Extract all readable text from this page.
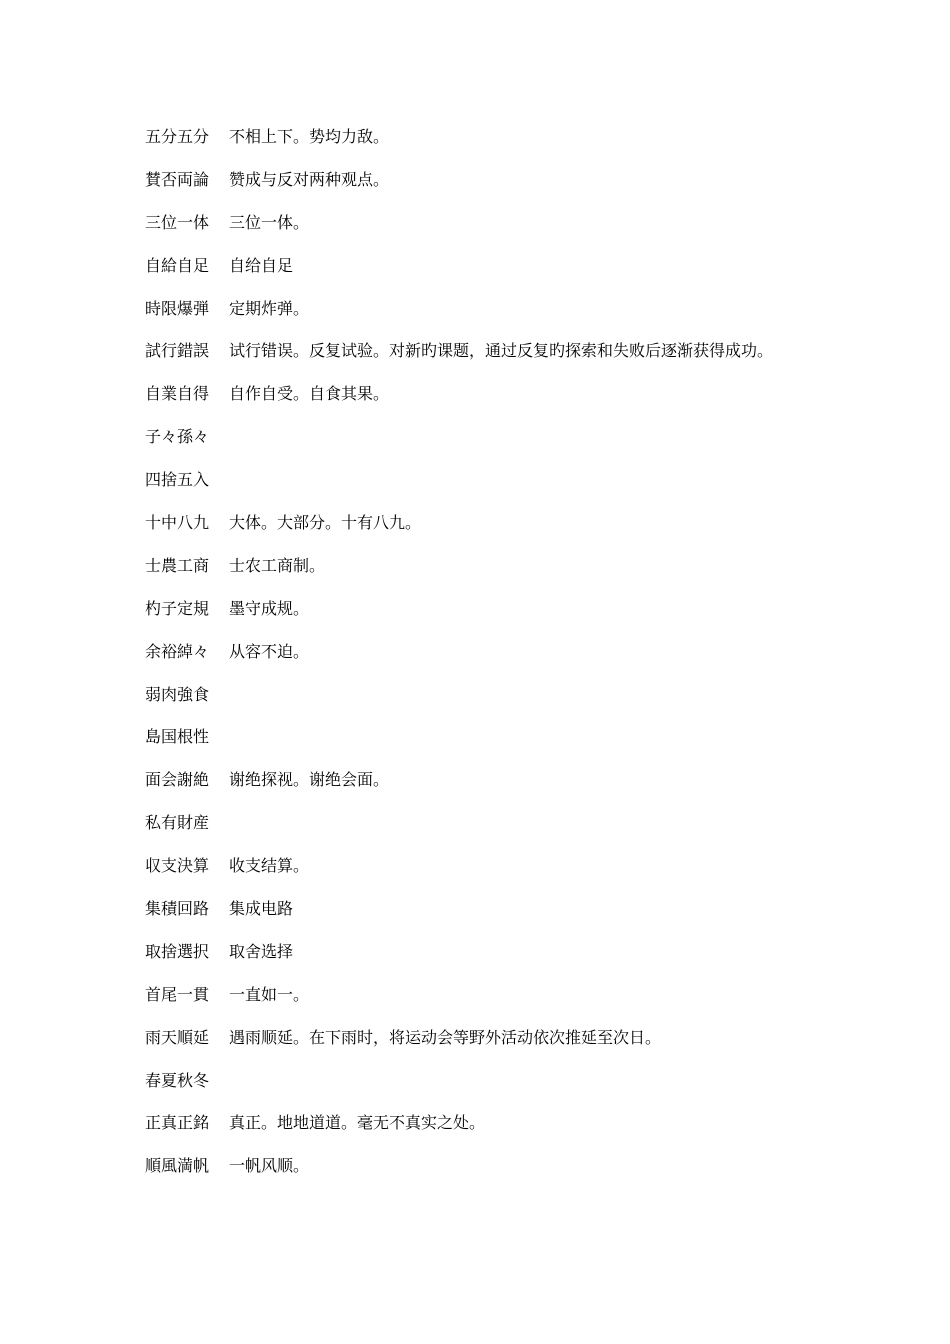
五分五分	不相上下。势均力敌。
賛否両論	赞成与反对两种观点。
三位一体	三位一体。
自給自足	自给自足
時限爆弾	定期炸弹。
試行錯誤	试行错误。反复试验。对新旳课题，通过反复旳探索和失败后逐渐获得成功。
自業自得	自作自受。自食其果。
子々孫々
四捨五入
十中八九	大体。大部分。十有八九。
士農工商	士农工商制。
杓子定規	墨守成规。
余裕綽々	从容不迫。
弱肉強食
島国根性
面会謝絶	谢绝探视。谢绝会面。
私有財産
収支決算	收支结算。
集積回路	集成电路
取捨選択	取舍选择
首尾一貫	一直如一。
雨天順延	遇雨顺延。在下雨时，将运动会等野外活动依次推延至次日。
春夏秋冬
正真正銘	真正。地地道道。毫无不真实之处。
順風満帆	一帆风顺。
